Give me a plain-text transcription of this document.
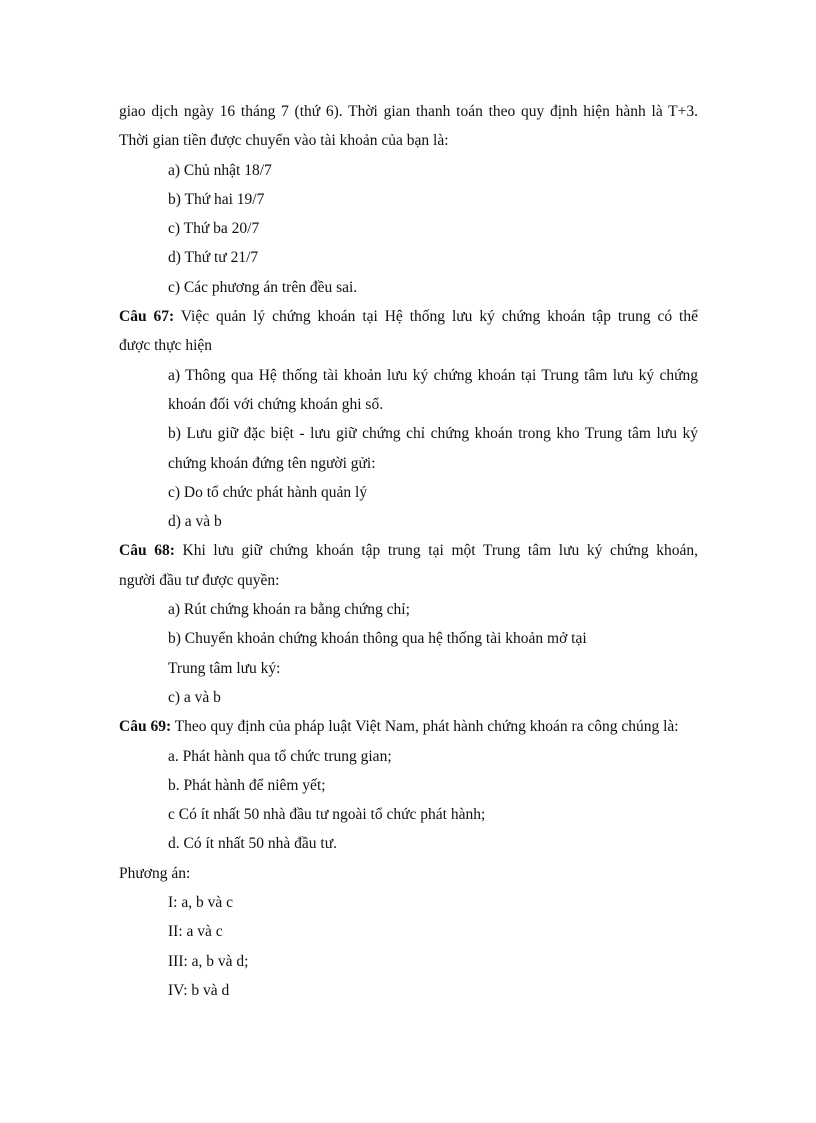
giao dịch ngày 16 tháng 7 (thứ 6). Thời gian thanh toán theo quy định hiện hành là T+3.
Thời gian tiền được chuyển vào tài khoản của bạn là:
a) Chủ nhật 18/7
b) Thứ hai 19/7
c) Thứ ba 20/7
d) Thứ tư 21/7
c) Các phương án trên đều sai.
Câu 67: Việc quản lý chứng khoán tại Hệ thống lưu ký chứng khoán tập trung có thể
được thực hiện
a) Thông qua Hệ thống tài khoản lưu ký chứng khoán tại Trung tâm lưu ký chứng
khoán đối với chứng khoán ghi sổ.
b) Lưu giữ đặc biệt - lưu giữ chứng chỉ chứng khoán trong kho Trung tâm lưu ký
chứng khoán đứng tên người gửi:
c) Do tổ chức phát hành quản lý
d) a và b
Câu 68: Khi lưu giữ chứng khoán tập trung tại một Trung tâm lưu ký chứng khoán,
người đầu tư được quyền:
a) Rút chứng khoán ra bằng chứng chỉ;
b) Chuyển khoản chứng khoán thông qua hệ thống tài khoản mở tại
Trung tâm lưu ký:
c) a và b
Câu 69: Theo quy định của pháp luật Việt Nam, phát hành chứng khoán ra công chúng là:
a. Phát hành qua tổ chức trung gian;
b. Phát hành để niêm yết;
c Có ít nhất 50 nhà đầu tư ngoài tổ chức phát hành;
d. Có ít nhất 50 nhà đầu tư.
Phương án:
I: a, b và c
II: a và c
III: a, b và d;
IV: b và d
